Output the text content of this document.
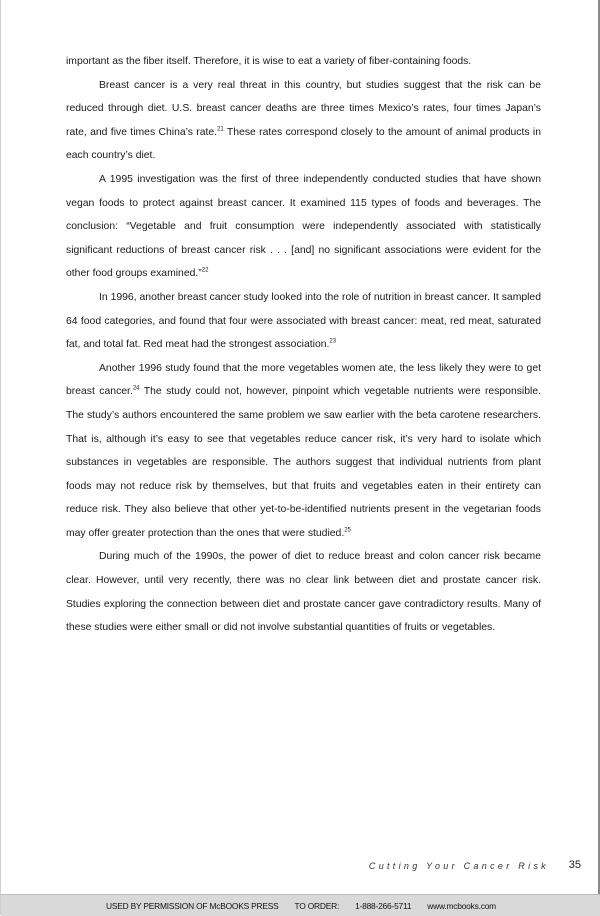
important as the fiber itself. Therefore, it is wise to eat a variety of fiber-containing foods.

Breast cancer is a very real threat in this country, but studies suggest that the risk can be reduced through diet. U.S. breast cancer deaths are three times Mexico’s rates, four times Japan’s rate, and five times China’s rate.$^{21}$ These rates correspond closely to the amount of animal products in each country’s diet.

A 1995 investigation was the first of three independently conducted studies that have shown vegan foods to protect against breast cancer. It examined 115 types of foods and beverages. The conclusion: “Vegetable and fruit consumption were independently associated with statistically significant reductions of breast cancer risk . . . [and] no significant associations were evident for the other food groups examined.”$^{22}$

In 1996, another breast cancer study looked into the role of nutrition in breast cancer. It sampled 64 food categories, and found that four were associated with breast cancer: meat, red meat, saturated fat, and total fat. Red meat had the strongest association.$^{23}$

Another 1996 study found that the more vegetables women ate, the less likely they were to get breast cancer.$^{24}$ The study could not, however, pinpoint which vegetable nutrients were responsible. The study’s authors encountered the same problem we saw earlier with the beta carotene researchers. That is, although it’s easy to see that vegetables reduce cancer risk, it’s very hard to isolate which substances in vegetables are responsible. The authors suggest that individual nutrients from plant foods may not reduce risk by themselves, but that fruits and vegetables eaten in their entirety can reduce risk. They also believe that other yet-to-be-identified nutrients present in the vegetarian foods may offer greater protection than the ones that were studied.$^{25}$

During much of the 1990s, the power of diet to reduce breast and colon cancer risk became clear. However, until very recently, there was no clear link between diet and prostate cancer risk. Studies exploring the connection between diet and prostate cancer gave contradictory results. Many of these studies were either small or did not involve substantial quantities of fruits or vegetables.

Cutting Your Cancer Risk 35
USED BY PERMISSION OF McBOOKS PRESS TO ORDER: 1-888-266-5711 www.mcbooks.com
